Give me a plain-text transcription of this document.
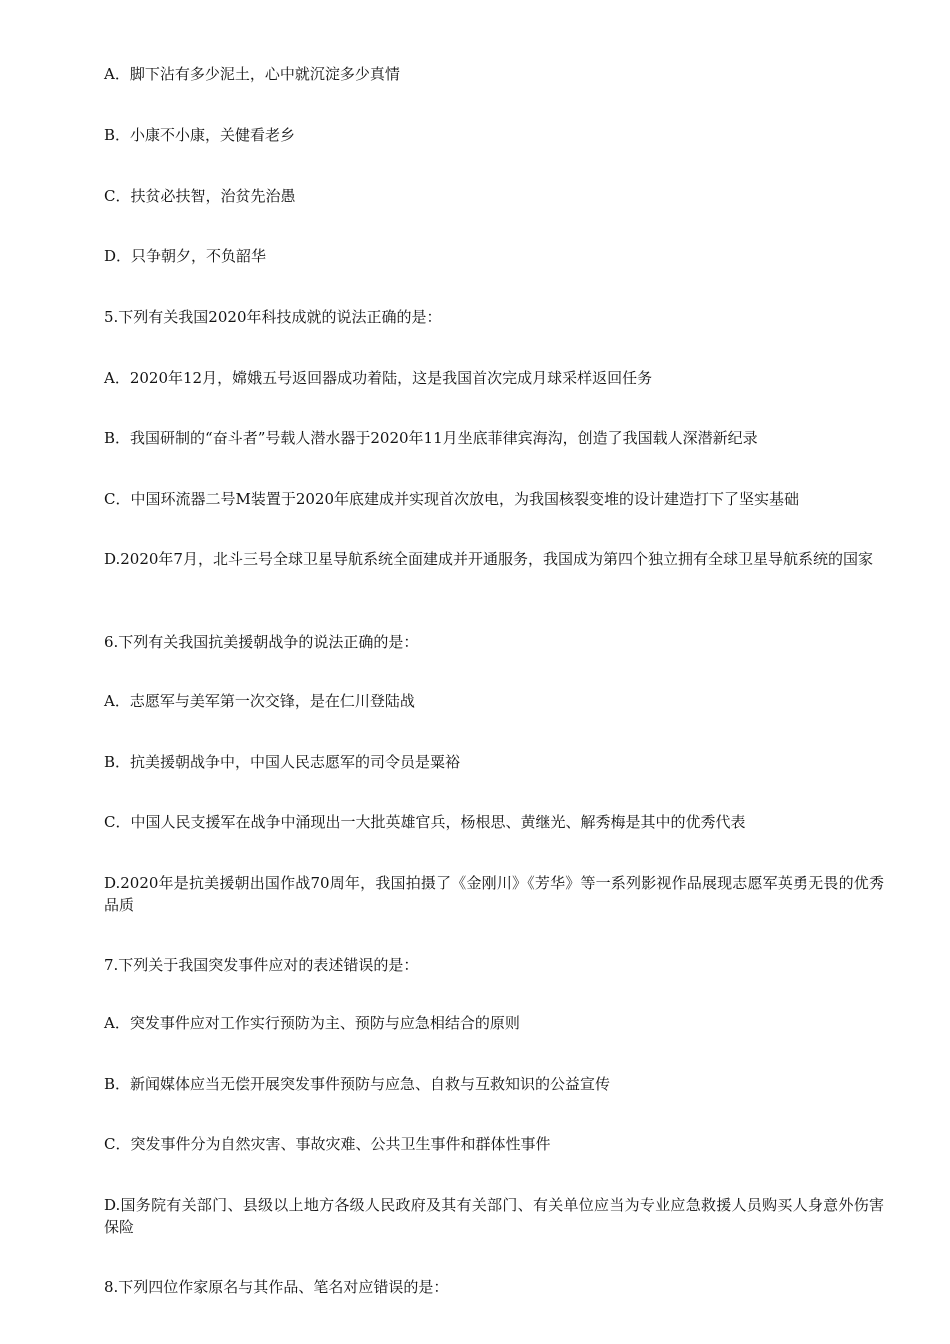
A．脚下沾有多少泥土，心中就沉淀多少真情
B．小康不小康，关健看老乡
C．扶贫必扶智，治贫先治愚
D．只争朝夕，不负韶华
5.下列有关我国2020年科技成就的说法正确的是：
A．2020年12月，嫦娥五号返回器成功着陆，这是我国首次完成月球采样返回任务
B．我国研制的“奋斗者”号载人潜水器于2020年11月坐底菲律宾海沟，创造了我国载人深潜新纪录
C．中国环流器二号M装置于2020年底建成并实现首次放电，为我国核裂变堆的设计建造打下了坚实基础
D.2020年7月，北斗三号全球卫星导航系统全面建成并开通服务，我国成为第四个独立拥有全球卫星导航系统的国家
6.下列有关我国抗美援朝战争的说法正确的是：
A．志愿军与美军第一次交锋，是在仁川登陆战
B．抗美援朝战争中，中国人民志愿军的司令员是粟裕
C．中国人民支援军在战争中涌现出一大批英雄官兵，杨根思、黄继光、解秀梅是其中的优秀代表
D.2020年是抗美援朝出国作战70周年，我国拍摄了《金刚川》《芳华》等一系列影视作品展现志愿军英勇无畏的优秀品质
7.下列关于我国突发事件应对的表述错误的是：
A．突发事件应对工作实行预防为主、预防与应急相结合的原则
B．新闻媒体应当无偿开展突发事件预防与应急、自救与互救知识的公益宣传
C．突发事件分为自然灾害、事故灾难、公共卫生事件和群体性事件
D.国务院有关部门、县级以上地方各级人民政府及其有关部门、有关单位应当为专业应急救援人员购买人身意外伤害保险
8.下列四位作家原名与其作品、笔名对应错误的是：
